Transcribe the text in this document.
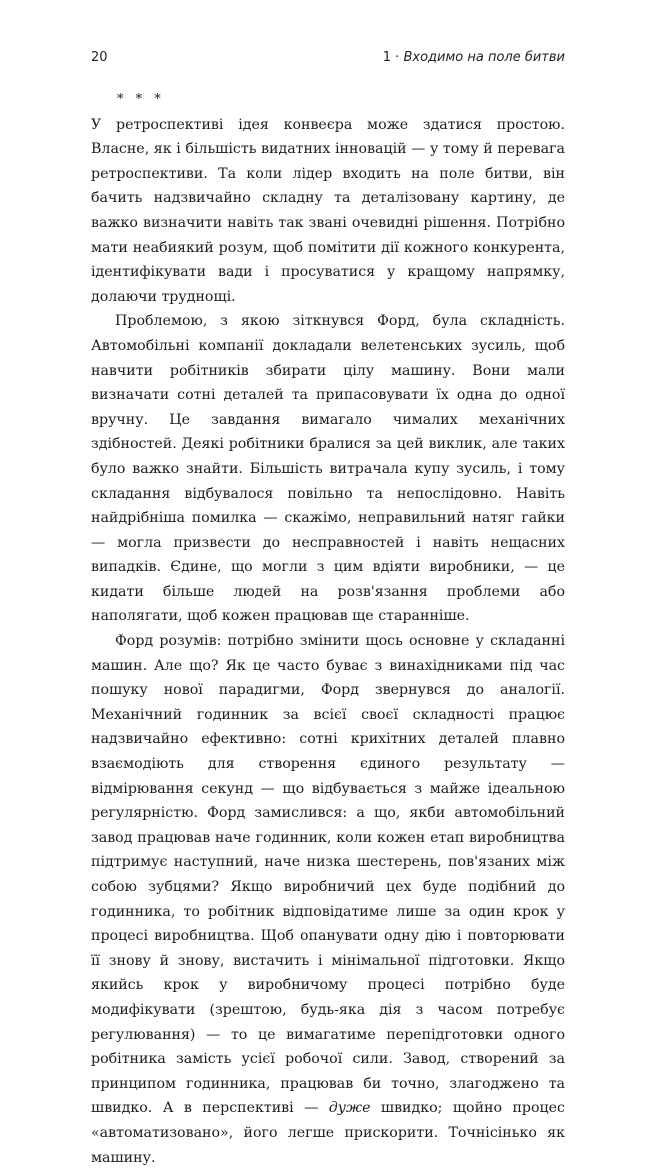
20	1 · Входимо на поле битви

* * *

У ретроспективі ідея конвеєра може здатися простою. Власне, як і більшість видатних інновацій — у тому й перевага ретроспективи. Та коли лідер входить на поле битви, він бачить надзвичайно складну та деталізовану картину, де важко визначити навіть так звані очевидні рішення. Потрібно мати неабиякий розум, щоб помітити дії кожного конкурента, ідентифікувати вади і просуватися у кращому напрямку, долаючи труднощі.

Проблемою, з якою зіткнувся Форд, була складність. Автомобільні компанії докладали велетенських зусиль, щоб навчити робітників збирати цілу машину. Вони мали визначати сотні деталей та припасовувати їх одна до одної вручну. Це завдання вимагало чималих механічних здібностей. Деякі робітники бралися за цей виклик, але таких було важко знайти. Більшість витрачала купу зусиль, і тому складання відбувалося повільно та непослідовно. Навіть найдрібніша помилка — скажімо, неправильний натяг гайки — могла призвести до несправностей і навіть нещасних випадків. Єдине, що могли з цим вдіяти виробники, — це кидати більше людей на розв'язання проблеми або наполягати, щоб кожен працював ще старанніше.

Форд розумів: потрібно змінити щось основне у складанні машин. Але що? Як це часто буває з винахідниками під час пошуку нової парадигми, Форд звернувся до аналогії. Механічний годинник за всієї своєї складності працює надзвичайно ефективно: сотні крихітних деталей плавно взаємодіють для створення єдиного результату — відмірювання секунд — що відбувається з майже ідеальною регулярністю. Форд замислився: а що, якби автомобільний завод працював наче годинник, коли кожен етап виробництва підтримує наступний, наче низка шестерень, пов'язаних між собою зубцями? Якщо виробничий цех буде подібний до годинника, то робітник відповідатиме лише за один крок у процесі виробництва. Щоб опанувати одну дію і повторювати її знову й знову, вистачить і мінімальної підготовки. Якщо якийсь крок у виробничому процесі потрібно буде модифікувати (зрештою, будь-яка дія з часом потребує регулювання) — то це вимагатиме перепідготовки одного робітника замість усієї робочої сили. Завод, створений за принципом годинника, працював би точно, злагоджено та швидко. А в перспективі — дуже швидко; щойно процес «автоматизовано», його легше прискорити. Точнісінько як машину.
